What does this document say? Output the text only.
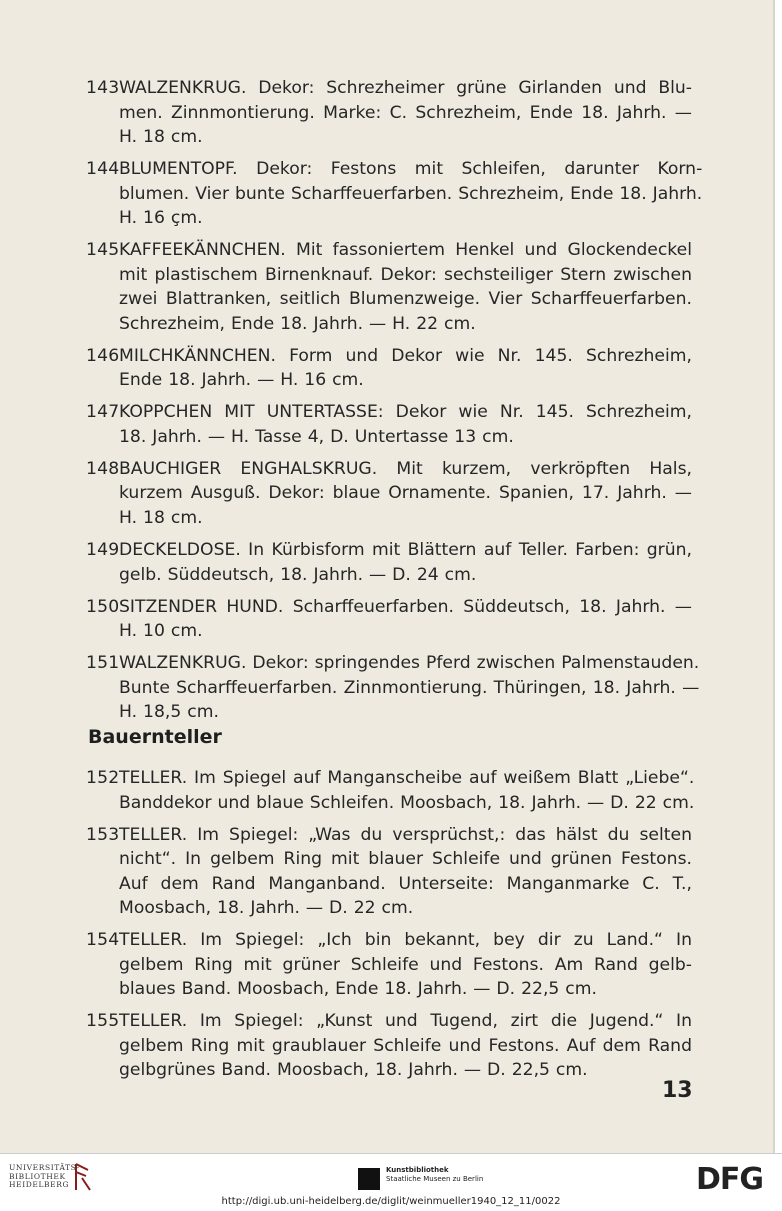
143 WALZENKRUG. Dekor: Schrezheimer grüne Girlanden und Blu-
men. Zinnmontierung. Marke: C. Schrezheim, Ende 18. Jahrh. —
H. 18 cm.
144 BLUMENTOPF. Dekor: Festons mit Schleifen, darunter Korn-
blumen. Vier bunte Scharffeuerfarben. Schrezheim, Ende 18. Jahrh.
H. 16 çm.
145 KAFFEEKÄNNCHEN. Mit fassoniertem Henkel und Glockendeckel
mit plastischem Birnenknauf. Dekor: sechsteiliger Stern zwischen
zwei Blattranken, seitlich Blumenzweige. Vier Scharffeuerfarben.
Schrezheim, Ende 18. Jahrh. — H. 22 cm.
146 MILCHKÄNNCHEN. Form und Dekor wie Nr. 145. Schrezheim,
Ende 18. Jahrh. — H. 16 cm.
147 KOPPCHEN MIT UNTERTASSE: Dekor wie Nr. 145. Schrezheim,
18. Jahrh. — H. Tasse 4, D. Untertasse 13 cm.
148 BAUCHIGER ENGHALSKRUG. Mit kurzem, verkröpften Hals,
kurzem Ausguß. Dekor: blaue Ornamente. Spanien, 17. Jahrh. —
H. 18 cm.
149 DECKELDOSE. In Kürbisform mit Blättern auf Teller. Farben: grün,
gelb. Süddeutsch, 18. Jahrh. — D. 24 cm.
150 SITZENDER HUND. Scharffeuerfarben. Süddeutsch, 18. Jahrh. —
H. 10 cm.
151 WALZENKRUG. Dekor: springendes Pferd zwischen Palmenstauden.
Bunte Scharffeuerfarben. Zinnmontierung. Thüringen, 18. Jahrh. —
H. 18,5 cm.
Bauernteller
152 TELLER. Im Spiegel auf Manganscheibe auf weißem Blatt „Liebe“.
Banddekor und blaue Schleifen. Moosbach, 18. Jahrh. — D. 22 cm.
153 TELLER. Im Spiegel: „Was du versprüchst,: das hälst du selten
nicht“. In gelbem Ring mit blauer Schleife und grünen Festons.
Auf dem Rand Manganband. Unterseite: Manganmarke C. T.,
Moosbach, 18. Jahrh. — D. 22 cm.
154 TELLER. Im Spiegel: „Ich bin bekannt, bey dir zu Land.“ In
gelbem Ring mit grüner Schleife und Festons. Am Rand gelb-
blaues Band. Moosbach, Ende 18. Jahrh. — D. 22,5 cm.
155 TELLER. Im Spiegel: „Kunst und Tugend, zirt die Jugend.“ In
gelbem Ring mit graublauer Schleife und Festons. Auf dem Rand
gelbgrünes Band. Moosbach, 18. Jahrh. — D. 22,5 cm.
13
UNIVERSITÄTS-
BIBLIOTHEK
HEIDELBERG
Kunstbibliothek
Staatliche Museen zu Berlin	DFG
http://digi.ub.uni-heidelberg.de/diglit/weinmueller1940_12_11/0022
